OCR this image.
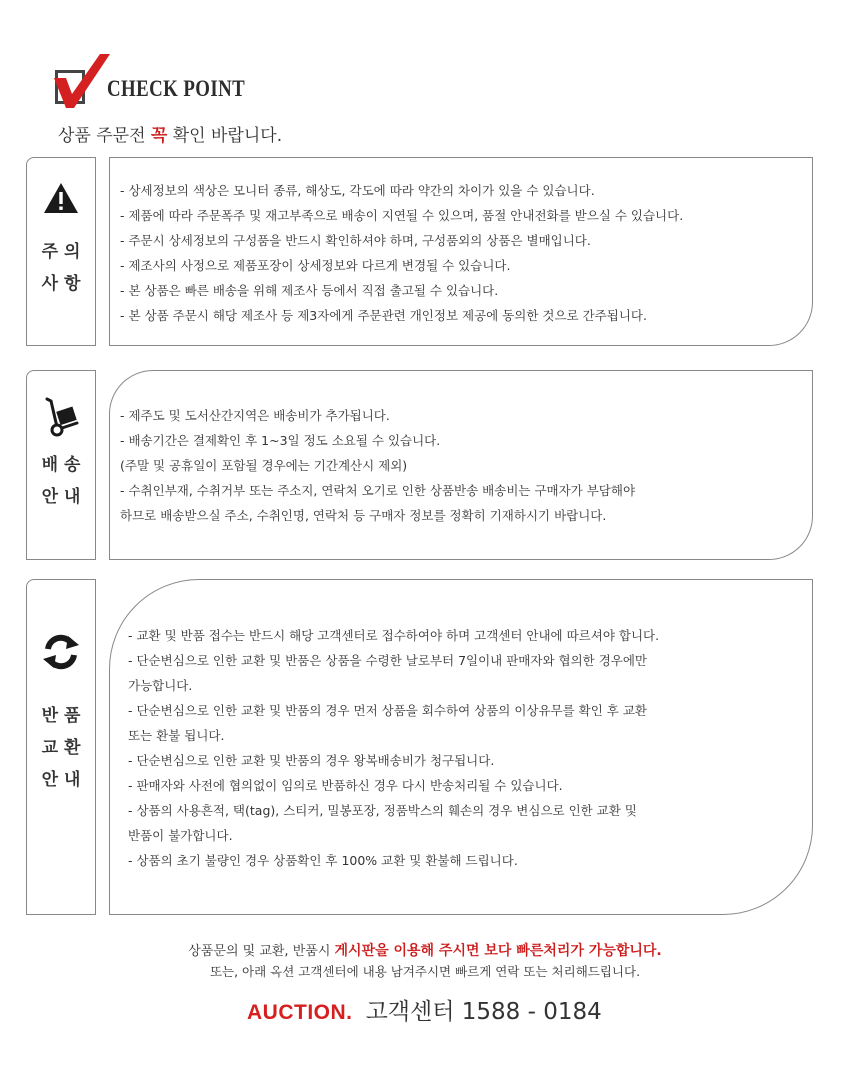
CHECK POINT
상품 주문전 꼭 확인 바랍니다.
주의
사항
- 상세정보의 색상은 모니터 종류, 해상도, 각도에 따라 약간의 차이가 있을 수 있습니다.
- 제품에 따라 주문폭주 및 재고부족으로 배송이 지연될 수 있으며, 품절 안내전화를 받으실 수 있습니다.
- 주문시 상세정보의 구성품을 반드시 확인하셔야 하며, 구성품외의 상품은 별매입니다.
- 제조사의 사정으로 제품포장이 상세정보와 다르게 변경될 수 있습니다.
- 본 상품은 빠른 배송을 위해 제조사 등에서 직접 출고될 수 있습니다.
- 본 상품 주문시 해당 제조사 등 제3자에게 주문관련 개인정보 제공에 동의한 것으로 간주됩니다.
배송
안내
- 제주도 및 도서산간지역은 배송비가 추가됩니다.
- 배송기간은 결제확인 후 1~3일 정도 소요될 수 있습니다.
(주말 및 공휴일이 포함될 경우에는 기간계산시 제외)
- 수취인부재, 수취거부 또는 주소지, 연락처 오기로 인한 상품반송 배송비는 구매자가 부담해야
하므로 배송받으실 주소, 수취인명, 연락처 등 구매자 정보를 정확히 기재하시기 바랍니다.
반품
교환
안내
- 교환 및 반품 접수는 반드시 해당 고객센터로 접수하여야 하며 고객센터 안내에 따르셔야 합니다.
- 단순변심으로 인한 교환 및 반품은 상품을 수령한 날로부터 7일이내 판매자와 협의한 경우에만
가능합니다.
- 단순변심으로 인한 교환 및 반품의 경우 먼저 상품을 회수하여 상품의 이상유무를 확인 후 교환
또는 환불 됩니다.
- 단순변심으로 인한 교환 및 반품의 경우 왕복배송비가 청구됩니다.
- 판매자와 사전에 협의없이 임의로 반품하신 경우 다시 반송처리될 수 있습니다.
- 상품의 사용흔적, 택(tag), 스티커, 밀봉포장, 정품박스의 훼손의 경우 변심으로 인한 교환 및
반품이 불가합니다.
- 상품의 초기 불량인 경우 상품확인 후 100% 교환 및 환불해 드립니다.
상품문의 및 교환, 반품시 게시판을 이용해 주시면 보다 빠른처리가 가능합니다.
또는, 아래 옥션 고객센터에 내용 남겨주시면 빠르게 연락 또는 처리해드립니다.
AUCTION. 고객센터 1588 - 0184
